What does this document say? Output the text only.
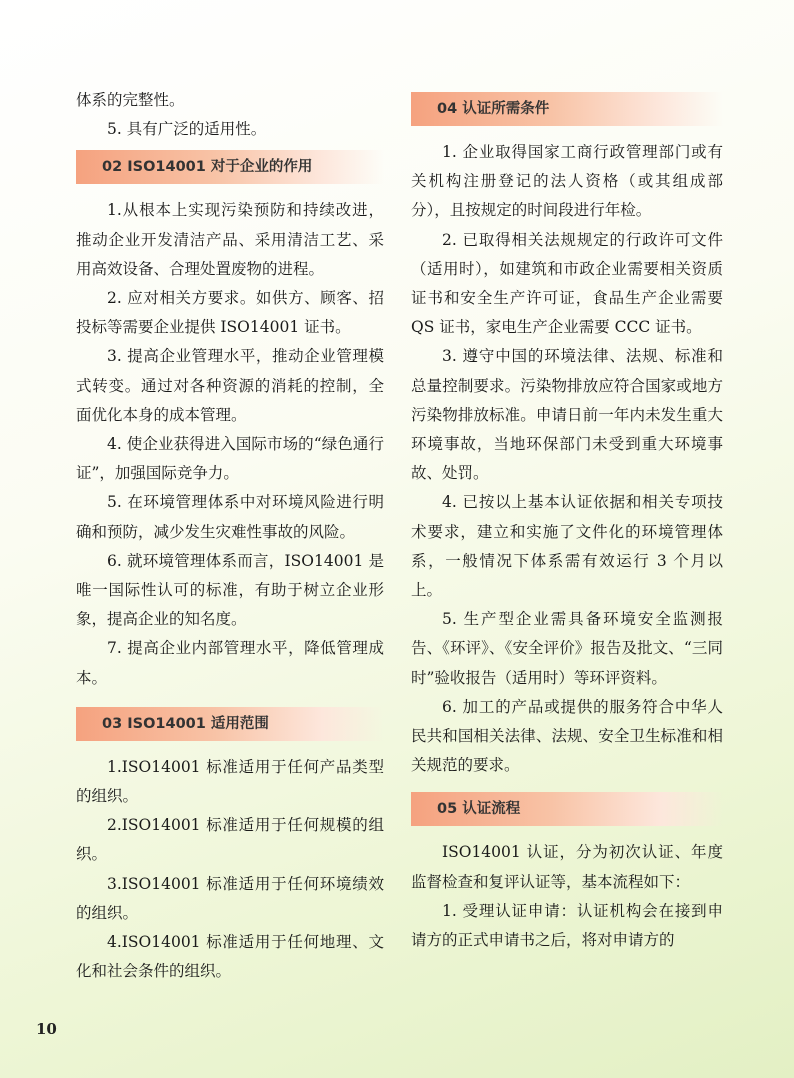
体系的完整性。

5. 具有广泛的适用性。

02 ISO14001 对于企业的作用

1.从根本上实现污染预防和持续改进，推动企业开发清洁产品、采用清洁工艺、采用高效设备、合理处置废物的进程。

2. 应对相关方要求。如供方、顾客、招投标等需要企业提供 ISO14001 证书。

3. 提高企业管理水平，推动企业管理模式转变。通过对各种资源的消耗的控制，全面优化本身的成本管理。

4. 使企业获得进入国际市场的“绿色通行证”，加强国际竞争力。

5. 在环境管理体系中对环境风险进行明确和预防，减少发生灾难性事故的风险。

6. 就环境管理体系而言，ISO14001 是唯一国际性认可的标准，有助于树立企业形象，提高企业的知名度。

7. 提高企业内部管理水平，降低管理成本。

03 ISO14001 适用范围

1.ISO14001 标准适用于任何产品类型的组织。

2.ISO14001 标准适用于任何规模的组织。

3.ISO14001 标准适用于任何环境绩效的组织。

4.ISO14001 标准适用于任何地理、文化和社会条件的组织。

04 认证所需条件

1. 企业取得国家工商行政管理部门或有关机构注册登记的法人资格（或其组成部分），且按规定的时间段进行年检。

2. 已取得相关法规规定的行政许可文件（适用时），如建筑和市政企业需要相关资质证书和安全生产许可证，食品生产企业需要 QS 证书，家电生产企业需要 CCC 证书。

3. 遵守中国的环境法律、法规、标准和总量控制要求。污染物排放应符合国家或地方污染物排放标准。申请日前一年内未发生重大环境事故，当地环保部门未受到重大环境事故、处罚。

4. 已按以上基本认证依据和相关专项技术要求，建立和实施了文件化的环境管理体系，一般情况下体系需有效运行 3 个月以上。

5. 生产型企业需具备环境安全监测报告、《环评》、《安全评价》报告及批文、“三同时”验收报告（适用时）等环评资料。

6. 加工的产品或提供的服务符合中华人民共和国相关法律、法规、安全卫生标准和相关规范的要求。

05 认证流程

ISO14001 认证，分为初次认证、年度监督检查和复评认证等，基本流程如下：

1. 受理认证申请：认证机构会在接到申请方的正式申请书之后，将对申请方的

10
